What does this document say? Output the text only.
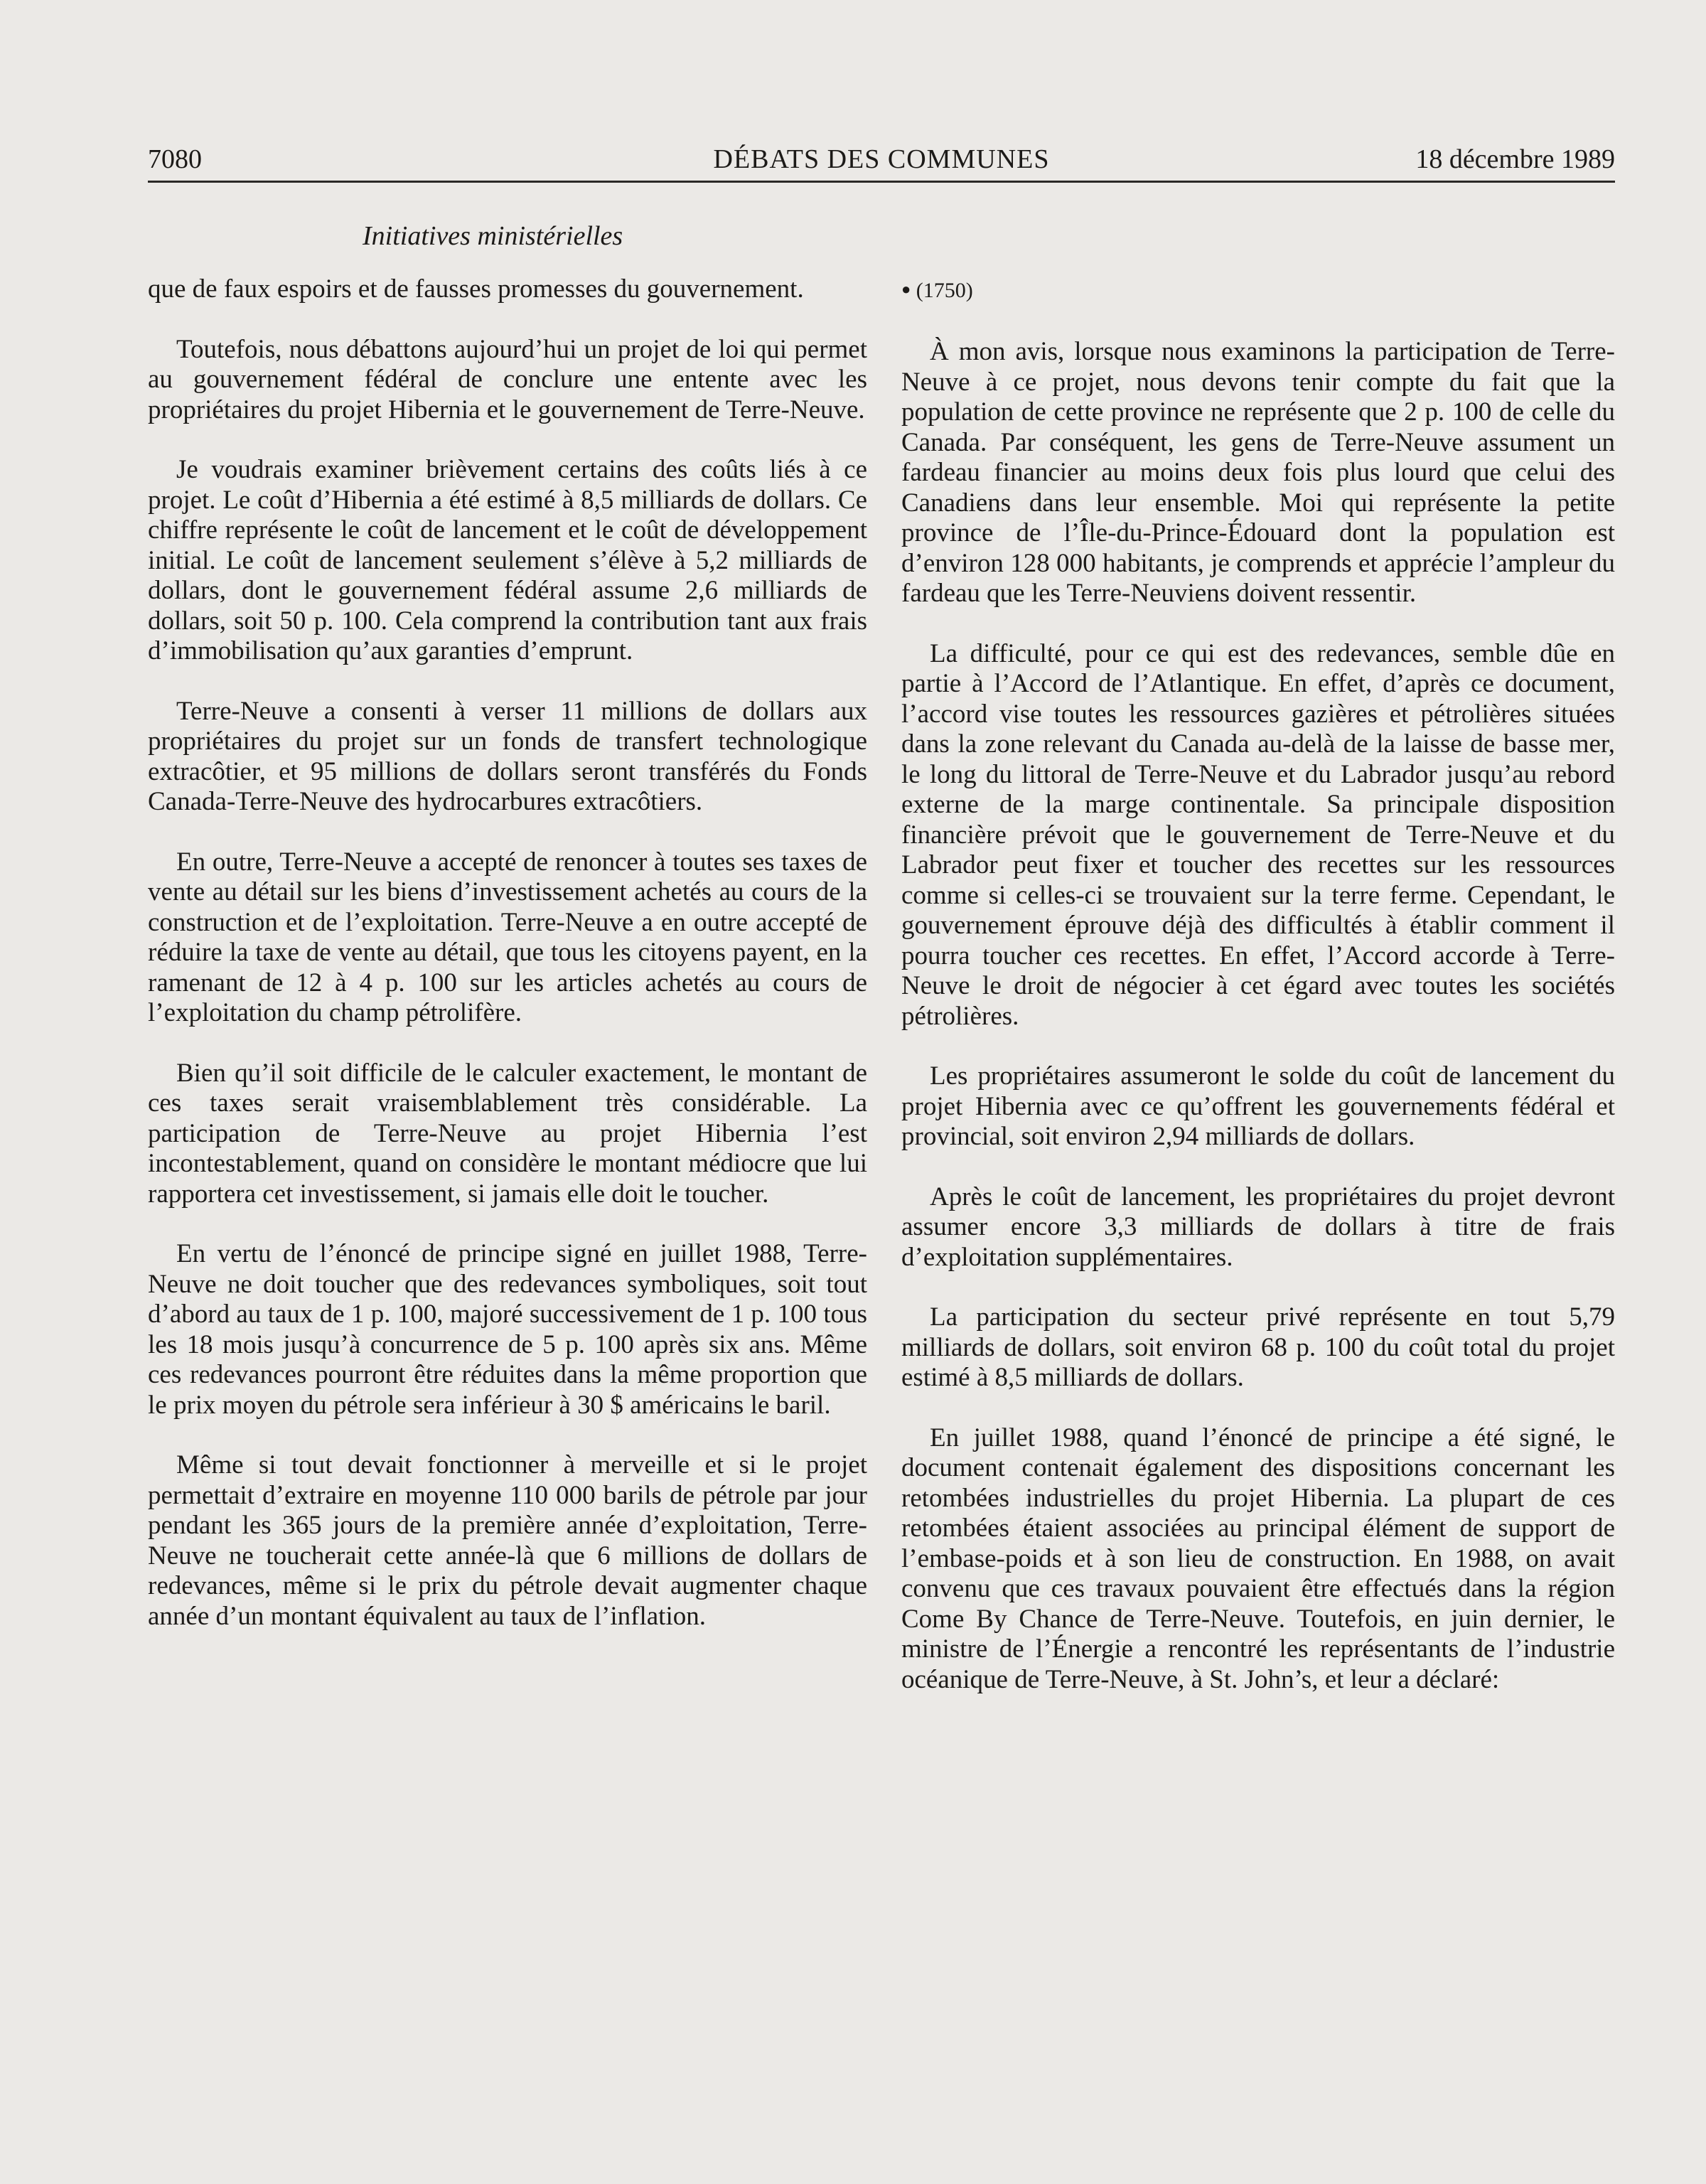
7080	DÉBATS DES COMMUNES	18 décembre 1989
Initiatives ministérielles

que de faux espoirs et de fausses promesses du gouvernement.

Toutefois, nous débattons aujourd’hui un projet de loi qui permet au gouvernement fédéral de conclure une entente avec les propriétaires du projet Hibernia et le gouvernement de Terre-Neuve.

Je voudrais examiner brièvement certains des coûts liés à ce projet. Le coût d’Hibernia a été estimé à 8,5 milliards de dollars. Ce chiffre représente le coût de lancement et le coût de développement initial. Le coût de lancement seulement s’élève à 5,2 milliards de dollars, dont le gouvernement fédéral assume 2,6 milliards de dollars, soit 50 p. 100. Cela comprend la contribution tant aux frais d’immobilisation qu’aux garanties d’emprunt.

Terre-Neuve a consenti à verser 11 millions de dollars aux propriétaires du projet sur un fonds de transfert technologique extracôtier, et 95 millions de dollars seront transférés du Fonds Canada-Terre-Neuve des hydrocarbures extracôtiers.

En outre, Terre-Neuve a accepté de renoncer à toutes ses taxes de vente au détail sur les biens d’investissement achetés au cours de la construction et de l’exploitation. Terre-Neuve a en outre accepté de réduire la taxe de vente au détail, que tous les citoyens payent, en la ramenant de 12 à 4 p. 100 sur les articles achetés au cours de l’exploitation du champ pétrolifère.

Bien qu’il soit difficile de le calculer exactement, le montant de ces taxes serait vraisemblablement très considérable. La participation de Terre-Neuve au projet Hibernia l’est incontestablement, quand on considère le montant médiocre que lui rapportera cet investissement, si jamais elle doit le toucher.

En vertu de l’énoncé de principe signé en juillet 1988, Terre-Neuve ne doit toucher que des redevances symboliques, soit tout d’abord au taux de 1 p. 100, majoré successivement de 1 p. 100 tous les 18 mois jusqu’à concurrence de 5 p. 100 après six ans. Même ces redevances pourront être réduites dans la même proportion que le prix moyen du pétrole sera inférieur à 30 $ américains le baril.

Même si tout devait fonctionner à merveille et si le projet permettait d’extraire en moyenne 110 000 barils de pétrole par jour pendant les 365 jours de la première année d’exploitation, Terre-Neuve ne toucherait cette année-là que 6 millions de dollars de redevances, même si le prix du pétrole devait augmenter chaque année d’un montant équivalent au taux de l’inflation.

● (1750)

À mon avis, lorsque nous examinons la participation de Terre-Neuve à ce projet, nous devons tenir compte du fait que la population de cette province ne représente que 2 p. 100 de celle du Canada. Par conséquent, les gens de Terre-Neuve assument un fardeau financier au moins deux fois plus lourd que celui des Canadiens dans leur ensemble. Moi qui représente la petite province de l’Île-du-Prince-Édouard dont la population est d’environ 128 000 habitants, je comprends et apprécie l’ampleur du fardeau que les Terre-Neuviens doivent ressentir.

La difficulté, pour ce qui est des redevances, semble dûe en partie à l’Accord de l’Atlantique. En effet, d’après ce document, l’accord vise toutes les ressources gazières et pétrolières situées dans la zone relevant du Canada au-delà de la laisse de basse mer, le long du littoral de Terre-Neuve et du Labrador jusqu’au rebord externe de la marge continentale. Sa principale disposition financière prévoit que le gouvernement de Terre-Neuve et du Labrador peut fixer et toucher des recettes sur les ressources comme si celles-ci se trouvaient sur la terre ferme. Cependant, le gouvernement éprouve déjà des difficultés à établir comment il pourra toucher ces recettes. En effet, l’Accord accorde à Terre-Neuve le droit de négocier à cet égard avec toutes les sociétés pétrolières.

Les propriétaires assumeront le solde du coût de lancement du projet Hibernia avec ce qu’offrent les gouvernements fédéral et provincial, soit environ 2,94 milliards de dollars.

Après le coût de lancement, les propriétaires du projet devront assumer encore 3,3 milliards de dollars à titre de frais d’exploitation supplémentaires.

La participation du secteur privé représente en tout 5,79 milliards de dollars, soit environ 68 p. 100 du coût total du projet estimé à 8,5 milliards de dollars.

En juillet 1988, quand l’énoncé de principe a été signé, le document contenait également des dispositions concernant les retombées industrielles du projet Hibernia. La plupart de ces retombées étaient associées au principal élément de support de l’embase-poids et à son lieu de construction. En 1988, on avait convenu que ces travaux pouvaient être effectués dans la région Come By Chance de Terre-Neuve. Toutefois, en juin dernier, le ministre de l’Énergie a rencontré les représentants de l’industrie océanique de Terre-Neuve, à St. John’s, et leur a déclaré:
